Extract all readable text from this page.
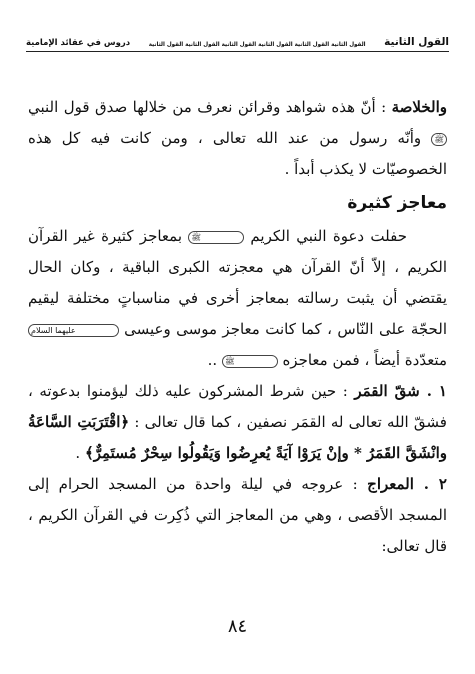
القول الثانية
القول الثانية القول الثانية القول الثانية القول الثانية القول الثانية القول الثانية
دروس في عقائد الإمامية

والخلاصة : أنّ هذه شواهد وقرائن نعرف من خلالها صدق قول النبي ﷺ وأنّه رسول من عند الله تعالى ، ومن كانت فيه كل هذه الخصوصيّات لا يكذب أبداً .

معاجز كثيرة

حفلت دعوة النبي الكريم ﷺ بمعاجز كثيرة غير القرآن الكريم ، إلاّ أنّ القرآن هي معجزته الكبرى الباقية ، وكان الحال يقتضي أن يثبت رسالته بمعاجز أخرى في مناسباتٍ مختلفة ليقيم الحجّة على النّاس ، كما كانت معاجز موسى وعيسى عليهما السلام متعدّدة أيضاً ، فمن معاجزه ﷺ ..

١ . شقّ القمَر : حين شرط المشركون عليه ذلك ليؤمنوا بدعوته ، فشقّ الله تعالى له القمَر نصفين ، كما قال تعالى : ﴿اقْتَرَبَتِ السَّاعَةُ وانْشَقَّ القَمَرُ * وإنْ يَرَوْا آيَةً يُعرِضُوا وَيَقُولُوا سِحْرٌ مُستَمِرٌّ﴾ .

٢ . المعراج : عروجه في ليلة واحدة من المسجد الحرام إلى المسجد الأقصى ، وهي من المعاجز التي ذُكِرت في القرآن الكريم ، قال تعالى:

٨٤
